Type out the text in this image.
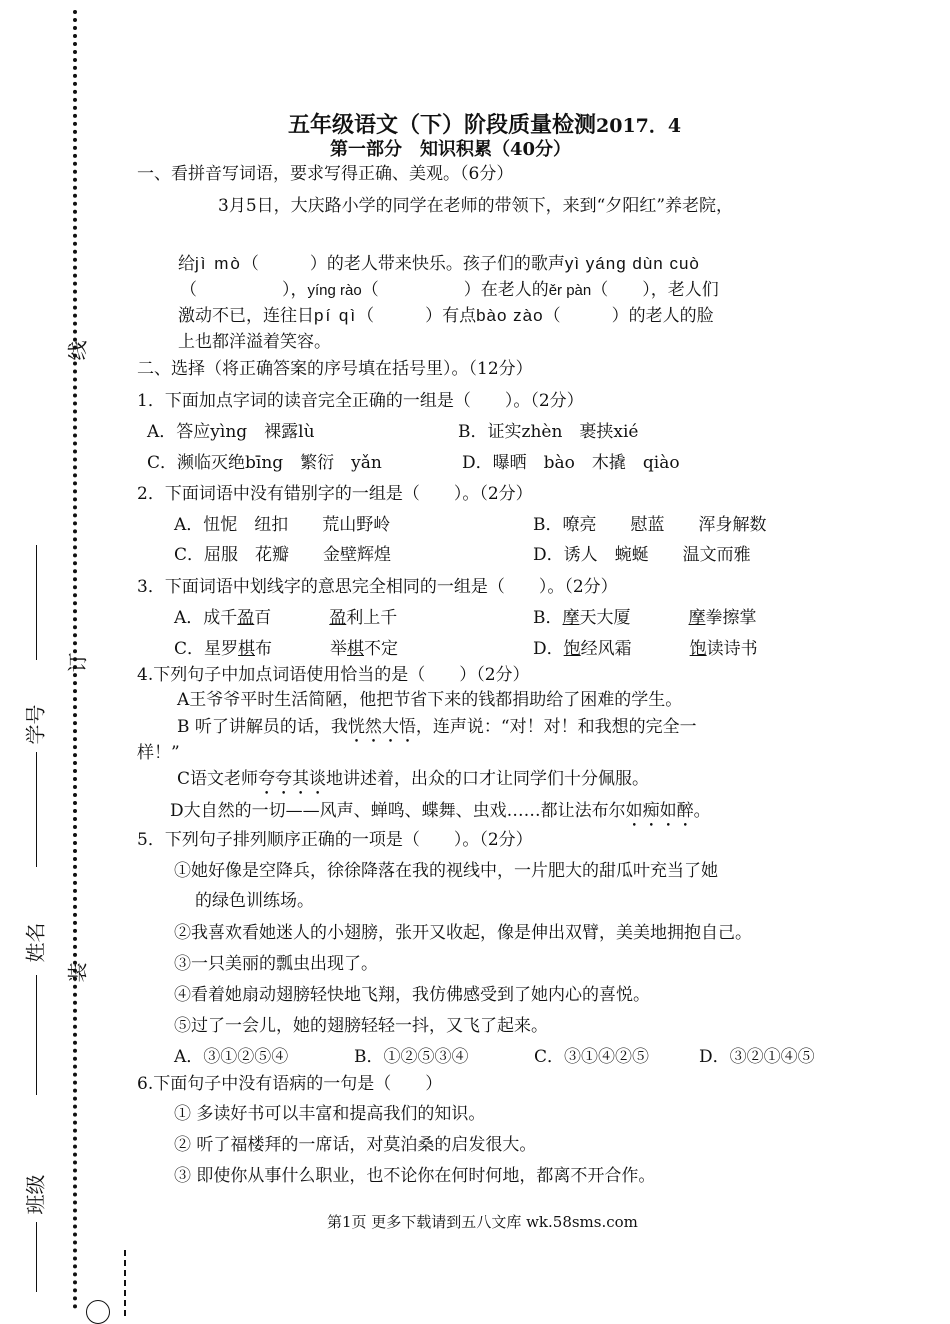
线
订
装
学号
姓名
班级
五年级语文（下）阶段质量检测2017．4
第一部分　知识积累（40分）
一、看拼音写词语，要求写得正确、美观。（6分）
3月5日，大庆路小学的同学在老师的带领下，来到“夕阳红”养老院，
给jì mò（　　　）的老人带来快乐。孩子们的歌声yì yáng dùn cuò
（　　　　　），yíng rào（　　　　　）在老人的ěr pàn（　　），老人们
激动不已，连往日pí qì（　　　）有点bào zào（　　　）的老人的脸
上也都洋溢着笑容。
二、选择（将正确答案的序号填在括号里）。（12分）
1．下面加点字词的读音完全正确的一组是（　　）。（2分）
A．答应yìng　裸露lù	B．证实zhèn　裹挟xié
C．濒临灭绝bīng　繁衍　yǎn	D．曝晒　bào　木撬　qiào
2．下面词语中没有错别字的一组是（　　）。（2分）
A．忸怩　纽扣　　荒山野岭	B．嘹亮　　慰蓝　　浑身解数
C．屈服　花瓣　　金壁辉煌	D．诱人　蜿蜒　　温文而雅
3．下面词语中划线字的意思完全相同的一组是（　　）。（2分）
A．成千盈百	盈利上千	B．摩天大厦	摩拳擦掌
C．星罗棋布	举棋不定	D．饱经风霜	饱读诗书
4.下列句子中加点词语使用恰当的是（　　）（2分）
A王爷爷平时生活简陋，他把节省下来的钱都捐助给了困难的学生。
B 听了讲解员的话，我恍然大悟，连声说：“对！对！和我想的完全一
样！”
C语文老师夸夸其谈地讲述着，出众的口才让同学们十分佩服。
D大自然的一切——风声、蝉鸣、蝶舞、虫戏……都让法布尔如痴如醉。
5．下列句子排列顺序正确的一项是（　　）。（2分）
①她好像是空降兵，徐徐降落在我的视线中，一片肥大的甜瓜叶充当了她
的绿色训练场。
②我喜欢看她迷人的小翅膀，张开又收起，像是伸出双臂，美美地拥抱自己。
③一只美丽的瓢虫出现了。
④看着她扇动翅膀轻快地飞翔，我仿佛感受到了她内心的喜悦。
⑤过了一会儿，她的翅膀轻轻一抖，又飞了起来。
A．③①②⑤④	B．①②⑤③④	C．③①④②⑤	D．③②①④⑤
6.下面句子中没有语病的一句是（　　）
① 多读好书可以丰富和提高我们的知识。
② 听了福楼拜的一席话，对莫泊桑的启发很大。
③ 即使你从事什么职业，也不论你在何时何地，都离不开合作。
第1页 更多下载请到五八文库 wk.58sms.com
